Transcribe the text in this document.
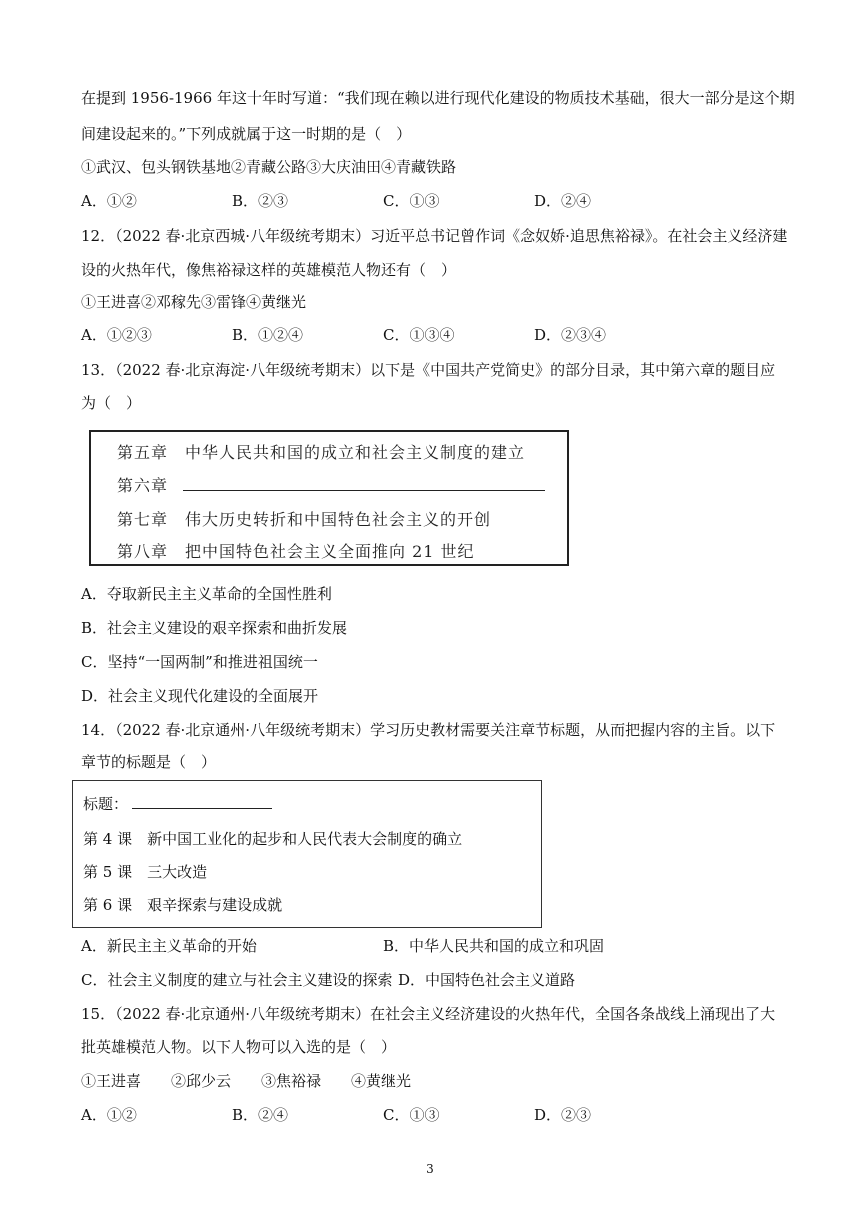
在提到 1956-1966 年这十年时写道：“我们现在赖以进行现代化建设的物质技术基础，很大一部分是这个期
间建设起来的。”下列成就属于这一时期的是（　）
①武汉、包头钢铁基地②青藏公路③大庆油田④青藏铁路
A．①②	B．②③	C．①③	D．②④
12．（2022 春·北京西城·八年级统考期末）习近平总书记曾作词《念奴娇·追思焦裕禄》。在社会主义经济建
设的火热年代，像焦裕禄这样的英雄模范人物还有（　）
①王进喜②邓稼先③雷锋④黄继光
A．①②③	B．①②④	C．①③④	D．②③④
13．（2022 春·北京海淀·八年级统考期末）以下是《中国共产党简史》的部分目录，其中第六章的题目应
为（　）
第五章　中华人民共和国的成立和社会主义制度的建立
第六章
第七章　伟大历史转折和中国特色社会主义的开创
第八章　把中国特色社会主义全面推向 21 世纪
A．夺取新民主主义革命的全国性胜利
B．社会主义建设的艰辛探索和曲折发展
C．坚持“一国两制”和推进祖国统一
D．社会主义现代化建设的全面展开
14．（2022 春·北京通州·八年级统考期末）学习历史教材需要关注章节标题，从而把握内容的主旨。以下
章节的标题是（　）
标题：
第 4 课　新中国工业化的起步和人民代表大会制度的确立
第 5 课　三大改造
第 6 课　艰辛探索与建设成就
A．新民主主义革命的开始	B．中华人民共和国的成立和巩固
C．社会主义制度的建立与社会主义建设的探索 D．中国特色社会主义道路
15．（2022 春·北京通州·八年级统考期末）在社会主义经济建设的火热年代，全国各条战线上涌现出了大
批英雄模范人物。以下人物可以入选的是（　）
①王进喜　　②邱少云　　③焦裕禄　　④黄继光
A．①②	B．②④	C．①③	D．②③
3
